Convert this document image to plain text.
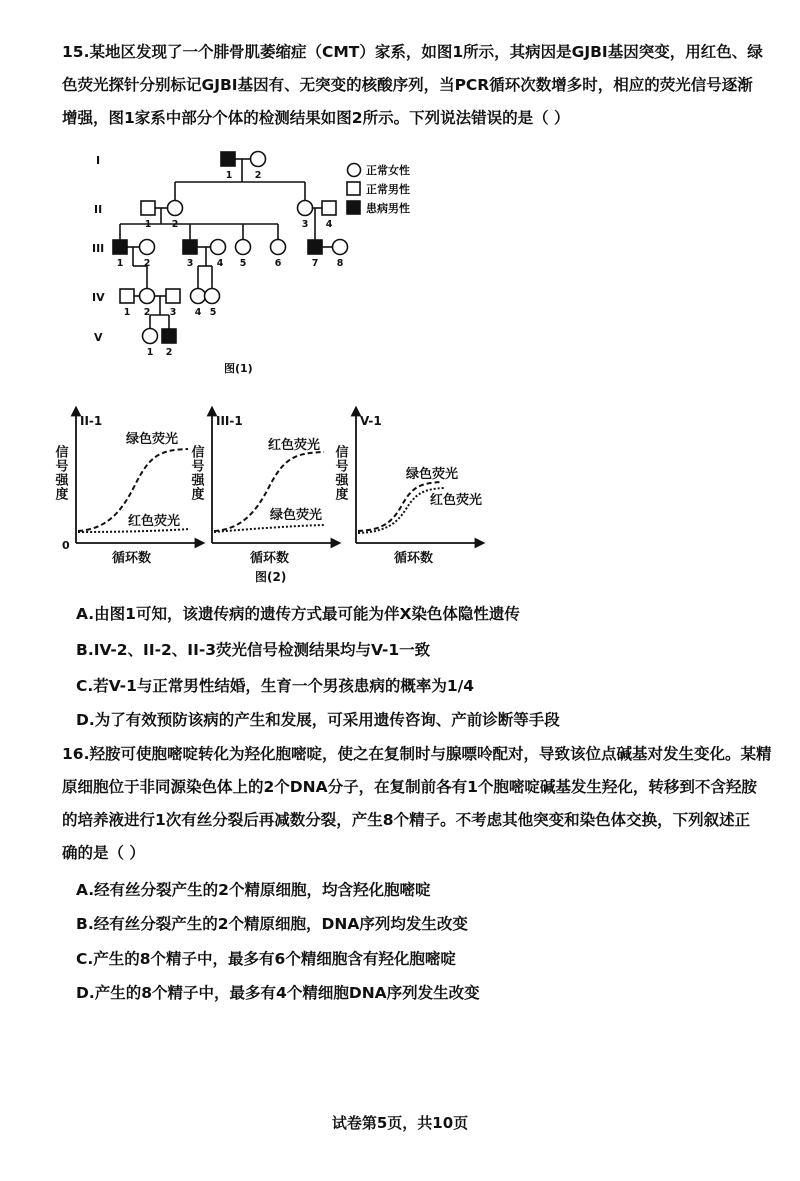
15.某地区发现了一个腓骨肌萎缩症（CMT）家系，如图1所示，其病因是GJBI基因突变，用红色、绿
色荧光探针分别标记GJBI基因有、无突变的核酸序列，当PCR循环次数增多时，相应的荧光信号逐渐
增强，图1家系中部分个体的检测结果如图2所示。下列说法错误的是（ ）
I
II
III
IV
V
1 2
1 2	3 4
1 2	3 4 5	6	7 8
1 2 3 4 5
1 2
正常女性
正常男性
患病男性
图(1)
II-1
0
信号强度
循环数
绿色荧光
红色荧光
III-1
信号强度
循环数
红色荧光
绿色荧光
V-1
信号强度
循环数
绿色荧光
红色荧光
图(2)
A.由图1可知，该遗传病的遗传方式最可能为伴X染色体隐性遗传
B.IV-2、II-2、II-3荧光信号检测结果均与V-1一致
C.若V-1与正常男性结婚，生育一个男孩患病的概率为1/4
D.为了有效预防该病的产生和发展，可采用遗传咨询、产前诊断等手段
16.羟胺可使胞嘧啶转化为羟化胞嘧啶，使之在复制时与腺嘌呤配对，导致该位点碱基对发生变化。某精
原细胞位于非同源染色体上的2个DNA分子，在复制前各有1个胞嘧啶碱基发生羟化，转移到不含羟胺
的培养液进行1次有丝分裂后再减数分裂，产生8个精子。不考虑其他突变和染色体交换，下列叙述正
确的是（ ）
A.经有丝分裂产生的2个精原细胞，均含羟化胞嘧啶
B.经有丝分裂产生的2个精原细胞，DNA序列均发生改变
C.产生的8个精子中，最多有6个精细胞含有羟化胞嘧啶
D.产生的8个精子中，最多有4个精细胞DNA序列发生改变
试卷第5页，共10页
